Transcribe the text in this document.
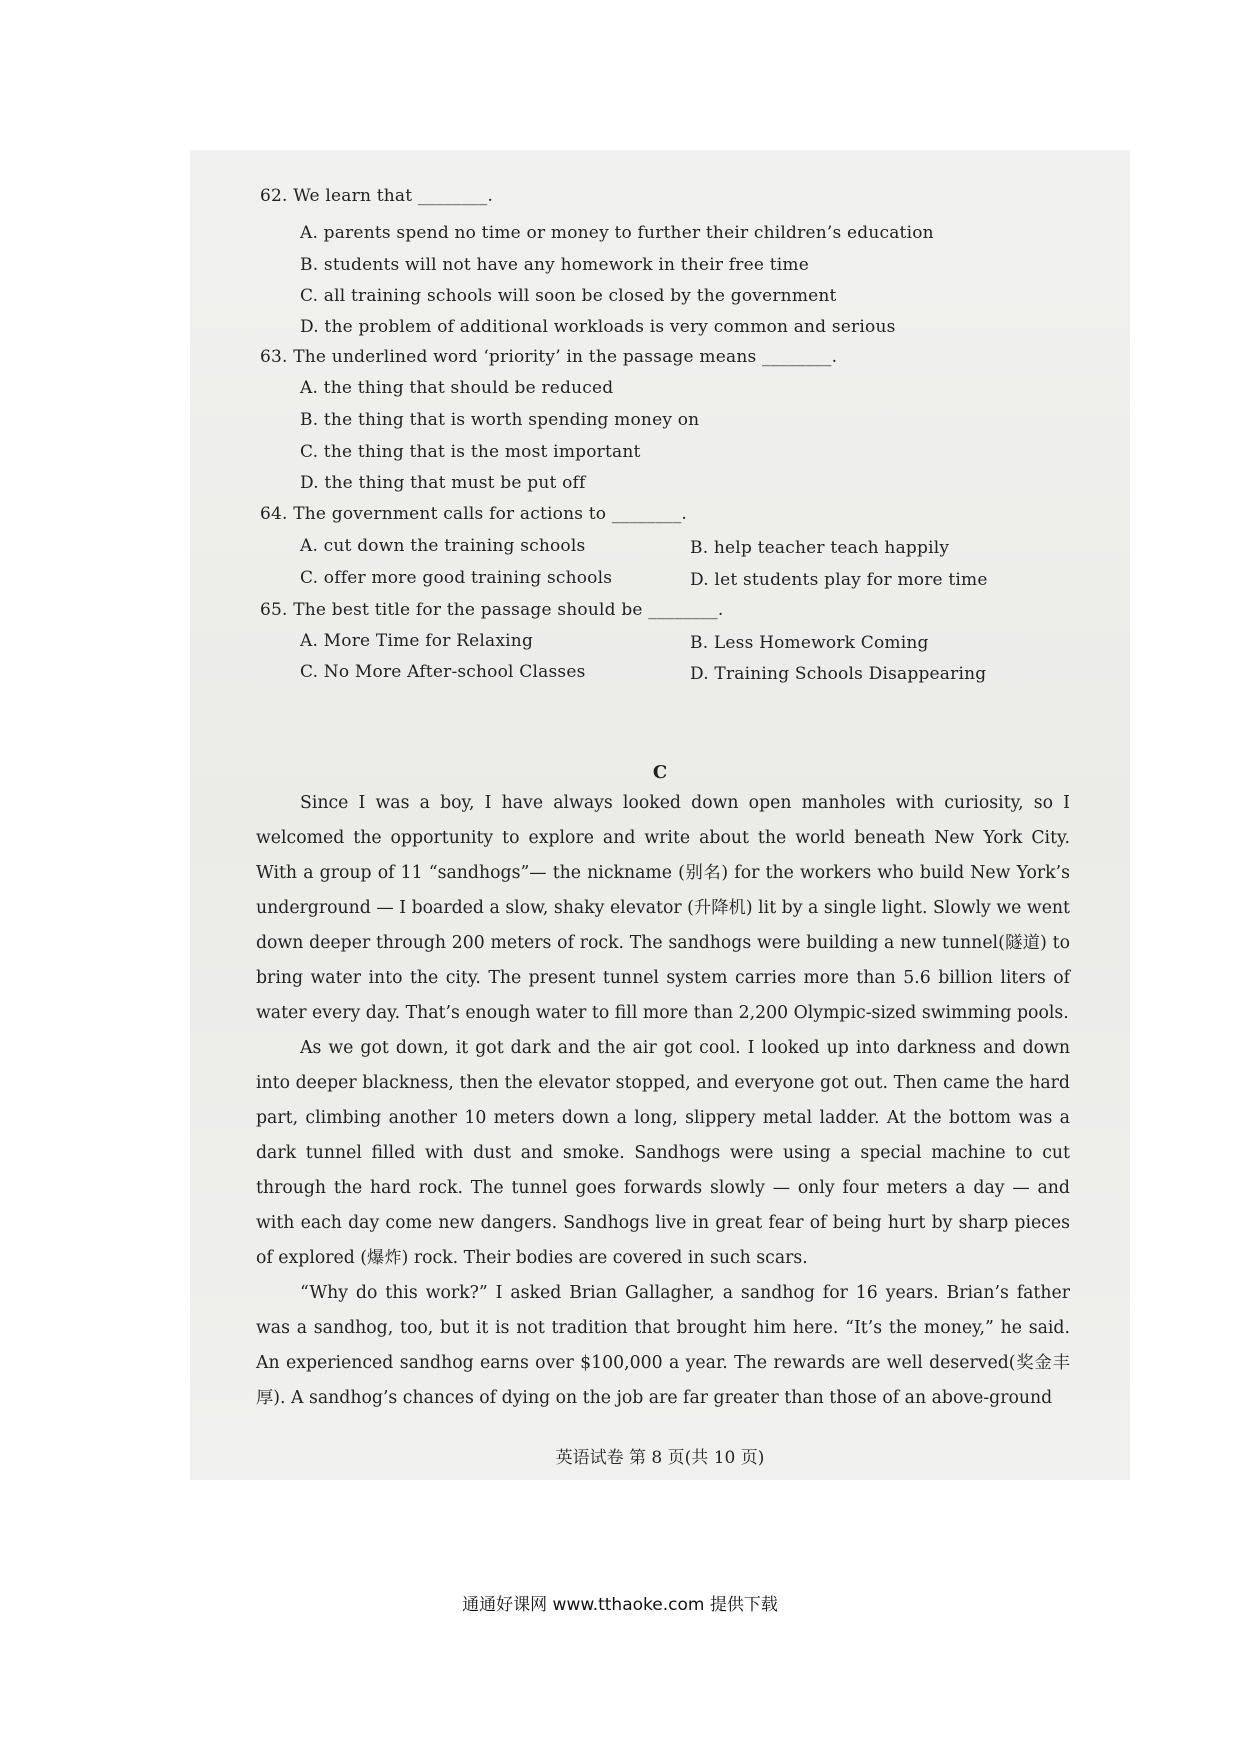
62. We learn that ________.
A. parents spend no time or money to further their children’s education
B. students will not have any homework in their free time
C. all training schools will soon be closed by the government
D. the problem of additional workloads is very common and serious
63. The underlined word ‘priority’ in the passage means ________.
A. the thing that should be reduced
B. the thing that is worth spending money on
C. the thing that is the most important
D. the thing that must be put off
64. The government calls for actions to ________.
A. cut down the training schools	B. help teacher teach happily
C. offer more good training schools	D. let students play for more time
65. The best title for the passage should be ________.
A. More Time for Relaxing	B. Less Homework Coming
C. No More After-school Classes	D. Training Schools Disappearing
C

Since I was a boy, I have always looked down open manholes with curiosity, so I welcomed the opportunity to explore and write about the world beneath New York City. With a group of 11 “sandhogs”— the nickname (别名) for the workers who build New York’s underground — I boarded a slow, shaky elevator (升降机) lit by a single light. Slowly we went down deeper through 200 meters of rock. The sandhogs were building a new tunnel(隧道) to bring water into the city. The present tunnel system carries more than 5.6 billion liters of water every day. That’s enough water to fill more than 2,200 Olympic-sized swimming pools.

As we got down, it got dark and the air got cool. I looked up into darkness and down into deeper blackness, then the elevator stopped, and everyone got out. Then came the hard part, climbing another 10 meters down a long, slippery metal ladder. At the bottom was a dark tunnel filled with dust and smoke. Sandhogs were using a special machine to cut through the hard rock. The tunnel goes forwards slowly — only four meters a day — and with each day come new dangers. Sandhogs live in great fear of being hurt by sharp pieces of explored (爆炸) rock. Their bodies are covered in such scars.

“Why do this work?” I asked Brian Gallagher, a sandhog for 16 years. Brian’s father was a sandhog, too, but it is not tradition that brought him here. “It’s the money,” he said. An experienced sandhog earns over $100,000 a year. The rewards are well deserved(奖金丰厚). A sandhog’s chances of dying on the job are far greater than those of an above-ground

英语试卷 第 8 页(共 10 页)
通通好课网 www.tthaoke.com 提供下载
